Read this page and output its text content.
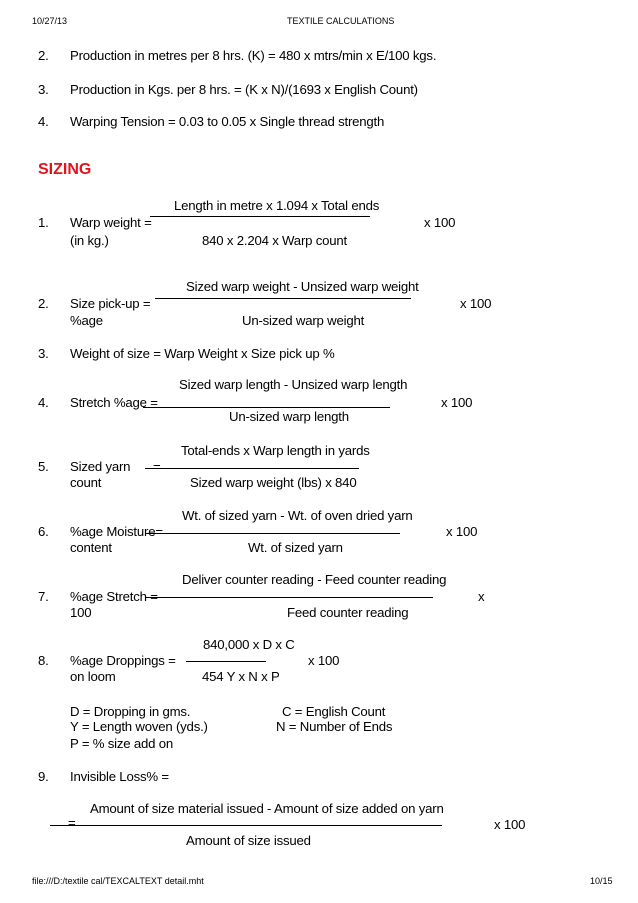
10/27/13	TEXTILE CALCULATIONS
2. Production in metres per 8 hrs. (K) = 480 x mtrs/min x E/100 kgs.
3. Production in Kgs. per 8 hrs. = (K x N)/(1693 x English Count)
4. Warping Tension = 0.03 to 0.05 x Single thread strength
SIZING
Length in metre x 1.094 x Total ends
1. Warp weight =	x 100
(in kg.)	840 x 2.204 x Warp count
Sized warp weight - Unsized warp weight
2. Size pick-up =	x 100
%age	Un-sized warp weight
3. Weight of size = Warp Weight x Size pick up %
Sized warp length - Unsized warp length
4. Stretch %age =	x 100
Un-sized warp length
Total-ends x Warp length in yards
5. Sized yarn =
count	Sized warp weight (lbs) x 840
Wt. of sized yarn - Wt. of oven dried yarn
6. %age Moisture=	x 100
content	Wt. of sized yarn
Deliver counter reading - Feed counter reading
7. %age Stretch =	x
100	Feed counter reading
840,000 x D x C
8. %age Droppings =	x 100
on loom	454 Y x N x P
D = Dropping in gms.	C = English Count
Y = Length woven (yds.)	N = Number of Ends
P = % size add on
9. Invisible Loss% =
Amount of size material issued - Amount of size added on yarn
=	x 100
Amount of size issued
file:///D:/textile cal/TEXCALTEXT detail.mht	10/15
